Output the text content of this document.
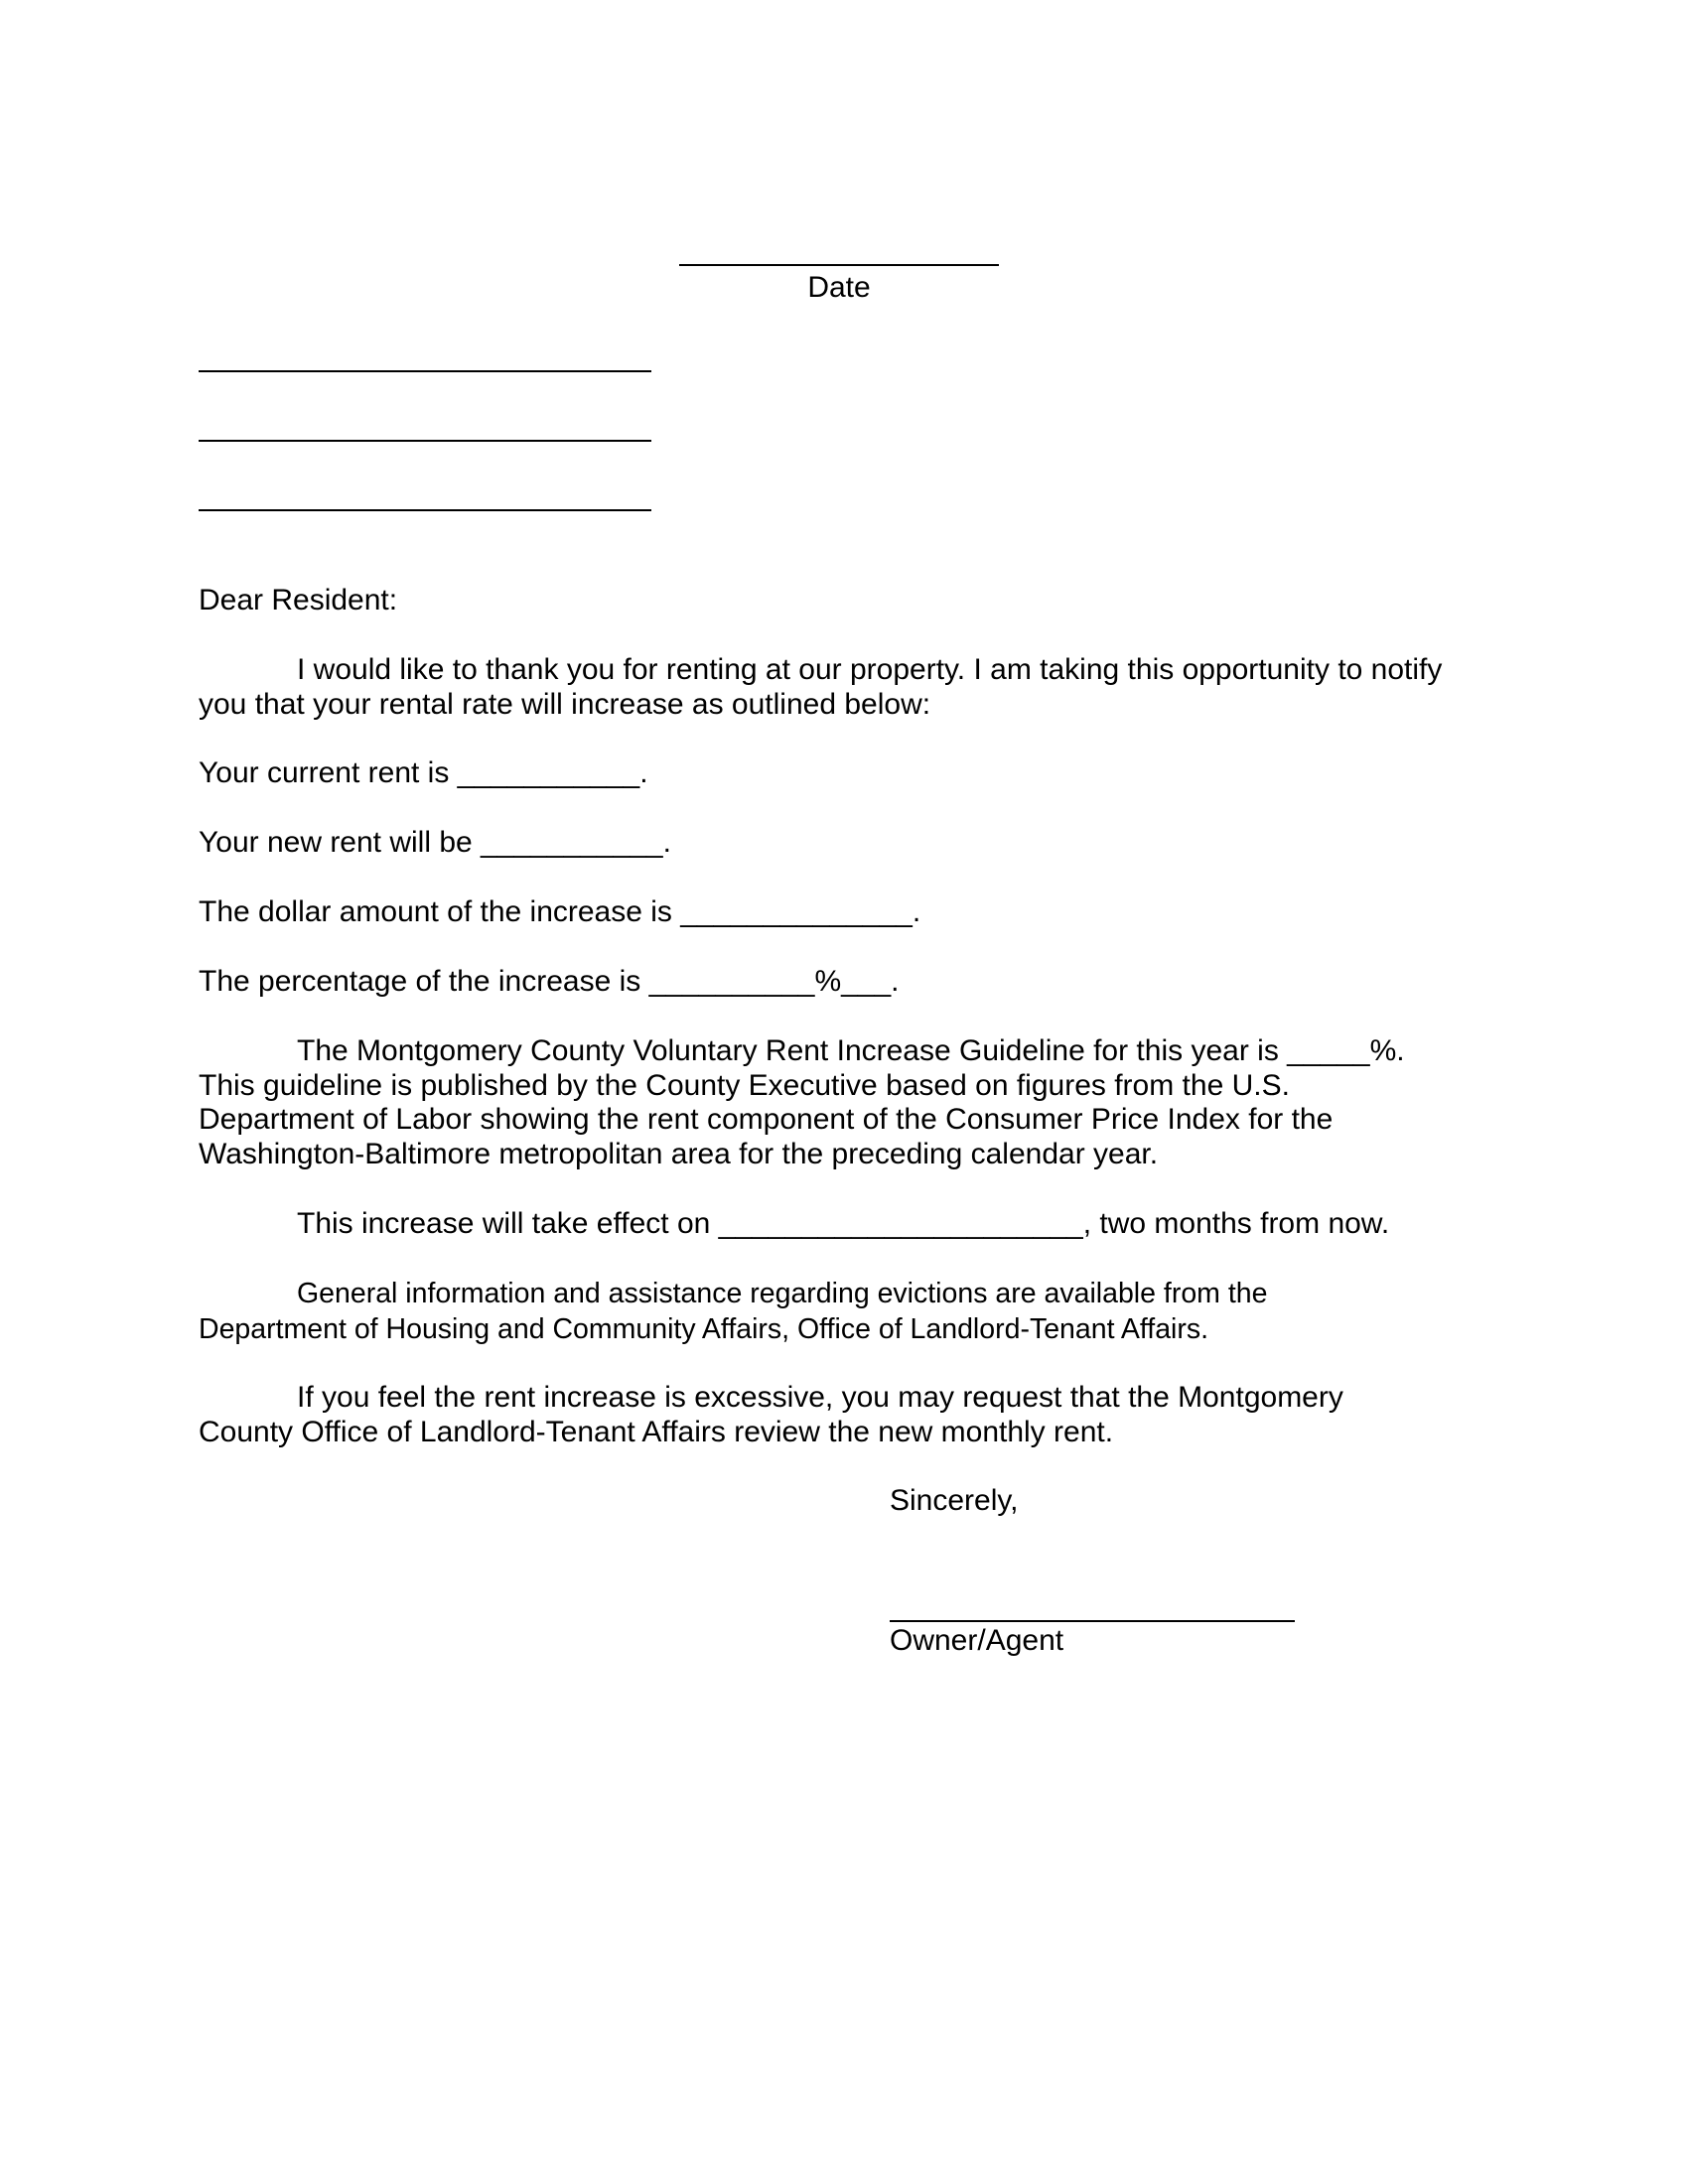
Date
Dear Resident:
I would like to thank you for renting at our property. I am taking this opportunity to notify
you that your rental rate will increase as outlined below:
Your current rent is ___________.
Your new rent will be ___________.
The dollar amount of the increase is ______________.
The percentage of the increase is __________%___.
The Montgomery County Voluntary Rent Increase Guideline for this year is _____%.
This guideline is published by the County Executive based on figures from the U.S.
Department of Labor showing the rent component of the Consumer Price Index for the
Washington-Baltimore metropolitan area for the preceding calendar year.
This increase will take effect on ______________________, two months from now.
General information and assistance regarding evictions are available from the
Department of Housing and Community Affairs, Office of Landlord-Tenant Affairs.
If you feel the rent increase is excessive, you may request that the Montgomery
County Office of Landlord-Tenant Affairs review the new monthly rent.
Sincerely,
Owner/Agent
